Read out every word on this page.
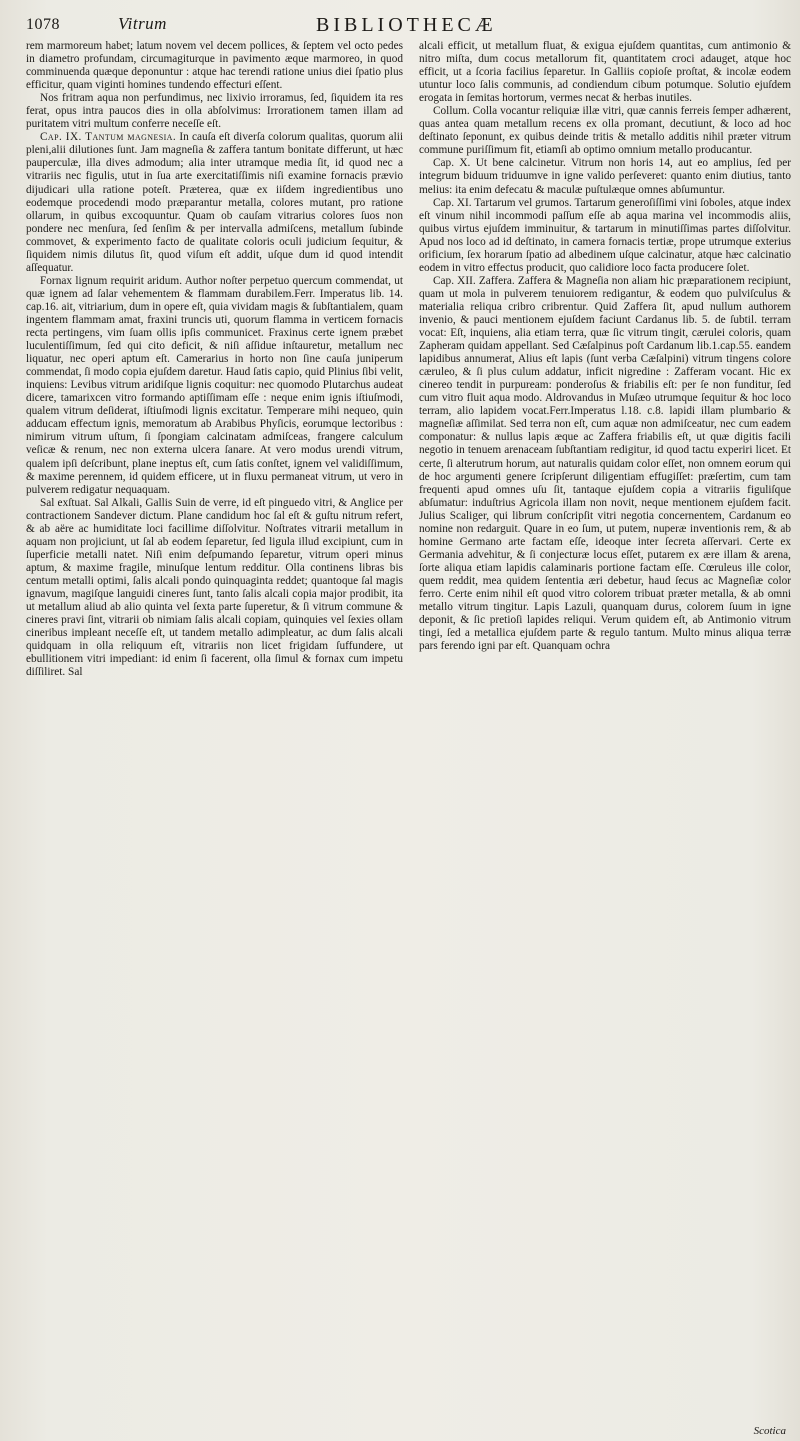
1078	Vitrum	BIBLIOTHECÆ

rem marmoreum habet; latum novem vel decem pollices, & ſeptem vel octo pedes in diametro profundam, circumagiturque in pavimento æque marmoreo, in quod comminuenda quæque deponuntur : atque hac terendi ratione unius diei ſpatio plus efficitur, quam viginti homines tundendo effecturi eſſent.

Nos fritram aqua non perfundimus, nec lixivio irroramus, ſed, ſiquidem ita res ferat, opus intra paucos dies in olla abſolvimus: Irrorationem tamen illam ad puritatem vitri multum conferre neceſſe eſt.

Cap. IX. Tantum magneſia. In cauſa eſt diverſa colorum qualitas, quorum alii pleni,alii dilutiones ſunt. Jam magneſia & zaffera tantum bonitate differunt, ut hæc pauperculæ, illa dives admodum; alia inter utramque media ſit, id quod nec a vitrariis nec figulis, utut in ſua arte exercitatiſſimis niſi examine fornacis prævio dijudicari ulla ratione poteſt. Præterea, quæ ex iiſdem ingredientibus uno eodemque procedendi modo præparantur metalla, colores mutant, pro ratione ollarum, in quibus excoquuntur. Quam ob cauſam vitrarius colores ſuos non pondere nec menſura, ſed ſenſim & per intervalla admiſcens, metallum ſubinde commovet, & experimento facto de qualitate coloris oculi judicium ſequitur, & ſiquidem nimis dilutus ſit, quod viſum eſt addit, uſque dum id quod intendit aſſequatur.

Fornax lignum requirit aridum. Author noſter perpetuo quercum commendat, ut quæ ignem ad ſalar vehementem & flammam durabilem.Ferr. Imperatus lib. 14. cap.16. ait, vitriarium, dum in opere eſt, quia vividam magis & ſubſtantialem, quam ingentem flammam amat, fraxini truncis uti, quorum flamma in verticem fornacis recta pertingens, vim ſuam ollis ipſis communicet. Fraxinus certe ignem præbet luculentiſſimum, ſed qui cito deficit, & niſi aſſidue inſtauretur, metallum nec liquatur, nec operi aptum eſt. Camerarius in horto non ſine cauſa juniperum commendat, ſi modo copia ejuſdem daretur. Haud ſatis capio, quid Plinius ſibi velit, inquiens: Levibus vitrum aridiſque lignis coquitur: nec quomodo Plutarchus audeat dicere, tamarixcen vitro formando aptiſſimam eſſe : neque enim ignis iſtiuſmodi, qualem vitrum deſiderat, iſtiuſmodi lignis excitatur. Temperare mihi nequeo, quin adducam effectum ignis, memoratum ab Arabibus Phyſicis, eorumque lectoribus : nimirum vitrum uſtum, ſi ſpongiam calcinatam admiſceas, frangere calculum veſicæ & renum, nec non externa ulcera ſanare. At vero modus urendi vitrum, qualem ipſi deſcribunt, plane ineptus eſt, cum ſatis conſtet, ignem vel validiſſimum, & maxime perennem, id quidem efficere, ut in fluxu permaneat vitrum, ut vero in pulverem redigatur nequaquam.

Sal exſtuat. Sal Alkali, Gallis Suin de verre, id eſt pinguedo vitri, & Anglice per contractionem Sandever dictum. Plane candidum hoc ſal eſt & guſtu nitrum refert, & ab aëre ac humiditate loci facillime diſſolvitur. Noſtrates vitrarii metallum in aquam non projiciunt, ut ſal ab eodem ſeparetur, ſed ligula illud excipiunt, cum in ſuperficie metalli natet. Niſi enim deſpumando ſeparetur, vitrum operi minus aptum, & maxime fragile, minuſque lentum redditur. Olla continens libras bis centum metalli optimi, ſalis alcali pondo quinquaginta reddet; quantoque ſal magis ignavum, magiſque languidi cineres ſunt, tanto ſalis alcali copia major prodibit, ita ut metallum aliud ab alio quinta vel ſexta parte ſuperetur, & ſi vitrum commune & cineres pravi ſint, vitrarii ob nimiam ſalis alcali copiam, quinquies vel ſexies ollam cineribus impleant neceſſe eſt, ut tandem metallo adimpleatur, ac dum ſalis alcali quidquam in olla reliquum eſt, vitrariis non licet frigidam ſuffundere, ut ebullitionem vitri impediant: id enim ſi facerent, olla ſimul & fornax cum impetu diſſiliret. Sal

alcali efficit, ut metallum fluat, & exigua ejuſdem quantitas, cum antimonio & nitro miſta, dum cocus metallorum fit, quantitatem croci adauget, atque hoc efficit, ut a ſcoria facilius ſeparetur. In Galliis copioſe proſtat, & incolæ eodem utuntur loco ſalis communis, ad condiendum cibum potumque. Solutio ejuſdem erogata in ſemitas hortorum, vermes necat & herbas inutiles.

Collum. Colla vocantur reliquiæ illæ vitri, quæ cannis ferreis ſemper adhærent, quas antea quam metallum recens ex olla promant, decutiunt, & loco ad hoc deſtinato ſeponunt, ex quibus deinde tritis & metallo additis nihil præter vitrum commune puriſſimum fit, etiamſi ab optimo omnium metallo producantur.

Cap. X. Ut bene calcinetur. Vitrum non horis 14, aut eo amplius, ſed per integrum biduum triduumve in igne valido perſeveret: quanto enim diutius, tanto melius: ita enim defecatu & maculæ puſtulæque omnes abſumuntur.

Cap. XI. Tartarum vel grumos. Tartarum generoſiſſimi vini ſoboles, atque index eſt vinum nihil incommodi paſſum eſſe ab aqua marina vel incommodis aliis, quibus virtus ejuſdem imminuitur, & tartarum in minutiſſimas partes diſſolvitur. Apud nos loco ad id deſtinato, in camera fornacis tertiæ, prope utrumque exterius orificium, ſex horarum ſpatio ad albedinem uſque calcinatur, atque hæc calcinatio eodem in vitro effectus producit, quo calidiore loco facta producere ſolet.

Cap. XII. Zaffera. Zaffera & Magneſia non aliam hic præparationem recipiunt, quam ut mola in pulverem tenuiorem redigantur, & eodem quo pulviſculus & materialia reliqua cribro cribrentur. Quid Zaffera ſit, apud nullum authorem invenio, & pauci mentionem ejuſdem faciunt Cardanus lib. 5. de ſubtil. terram vocat: Eſt, inquiens, alia etiam terra, quæ ſic vitrum tingit, cærulei coloris, quam Zapheram quidam appellant. Sed Cæſalpinus poſt Cardanum lib.1.cap.55. eandem lapidibus annumerat, Alius eſt lapis (ſunt verba Cæſalpini) vitrum tingens colore cæruleo, & ſi plus culum addatur, inficit nigredine : Zafferam vocant. Hic ex cinereo tendit in purpuream: ponderoſus & friabilis eſt: per ſe non funditur, ſed cum vitro fluit aqua modo. Aldrovandus in Muſæo utrumque ſequitur & hoc loco terram, alio lapidem vocat.Ferr.Imperatus l.18. c.8. lapidi illam plumbario & magneſiæ aſſimilat. Sed terra non eſt, cum aquæ non admiſceatur, nec cum eadem componatur: & nullus lapis æque ac Zaffera friabilis eſt, ut quæ digitis facili negotio in tenuem arenaceam ſubſtantiam redigitur, id quod tactu experiri licet. Et certe, ſi alterutrum horum, aut naturalis quidam color eſſet, non omnem eorum qui de hoc argumenti genere ſcripſerunt diligentiam effugiſſet: præſertim, cum tam frequenti apud omnes uſu ſit, tantaque ejuſdem copia a vitrariis figuliſque abſumatur: induſtrius Agricola illam non novit, neque mentionem ejuſdem facit. Julius Scaliger, qui librum conſcripſit vitri negotia concernentem, Cardanum eo nomine non redarguit. Quare in eo ſum, ut putem, nuperæ inventionis rem, & ab homine Germano arte factam eſſe, ideoque inter ſecreta aſſervari. Certe ex Germania advehitur, & ſi conjecturæ locus eſſet, putarem ex ære illam & arena, ſorte aliqua etiam lapidis calaminaris portione factam eſſe. Cœruleus ille color, quem reddit, mea quidem ſententia æri debetur, haud ſecus ac Magneſiæ color ferro. Certe enim nihil eſt quod vitro colorem tribuat præter metalla, & ab omni metallo vitrum tingitur. Lapis Lazuli, quanquam durus, colorem ſuum in igne deponit, & ſic pretioſi lapides reliqui. Verum quidem eſt, ab Antimonio vitrum tingi, ſed a metallica ejuſdem parte & regulo tantum. Multo minus aliqua terræ pars ferendo igni par eſt. Quanquam ochra

Scotica
